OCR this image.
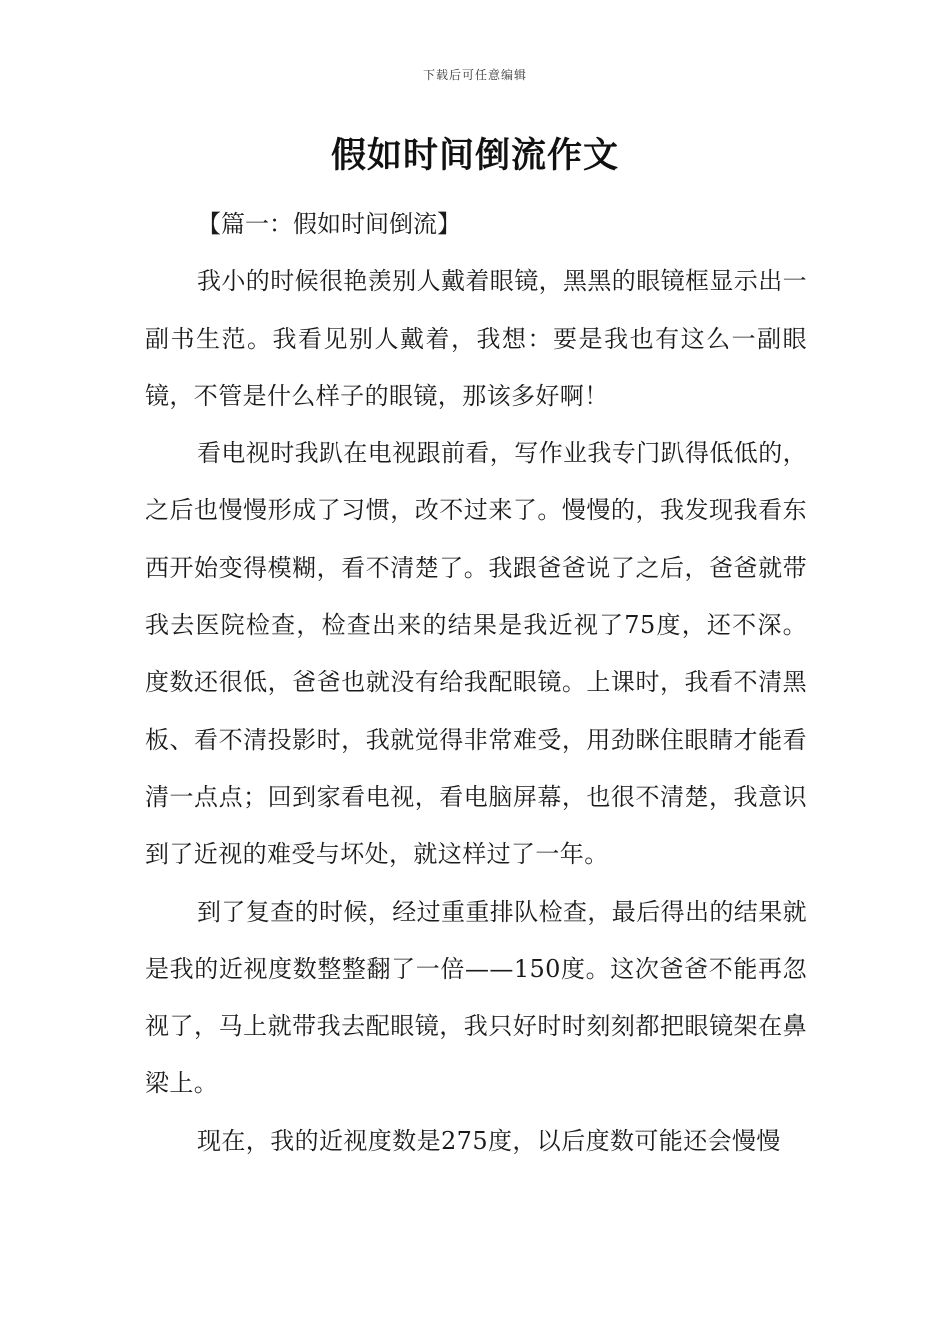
下载后可任意编辑
假如时间倒流作文

【篇一：假如时间倒流】

我小的时候很艳羡别人戴着眼镜，黑黑的眼镜框显示出一副书生范。我看见别人戴着，我想：要是我也有这么一副眼镜，不管是什么样子的眼镜，那该多好啊！

看电视时我趴在电视跟前看，写作业我专门趴得低低的，之后也慢慢形成了习惯，改不过来了。慢慢的，我发现我看东西开始变得模糊，看不清楚了。我跟爸爸说了之后，爸爸就带我去医院检查，检查出来的结果是我近视了75度，还不深。度数还很低，爸爸也就没有给我配眼镜。上课时，我看不清黑板、看不清投影时，我就觉得非常难受，用劲眯住眼睛才能看清一点点；回到家看电视，看电脑屏幕，也很不清楚，我意识到了近视的难受与坏处，就这样过了一年。

到了复查的时候，经过重重排队检查，最后得出的结果就是我的近视度数整整翻了一倍——150度。这次爸爸不能再忽视了，马上就带我去配眼镜，我只好时时刻刻都把眼镜架在鼻梁上。

现在，我的近视度数是275度，以后度数可能还会慢慢
